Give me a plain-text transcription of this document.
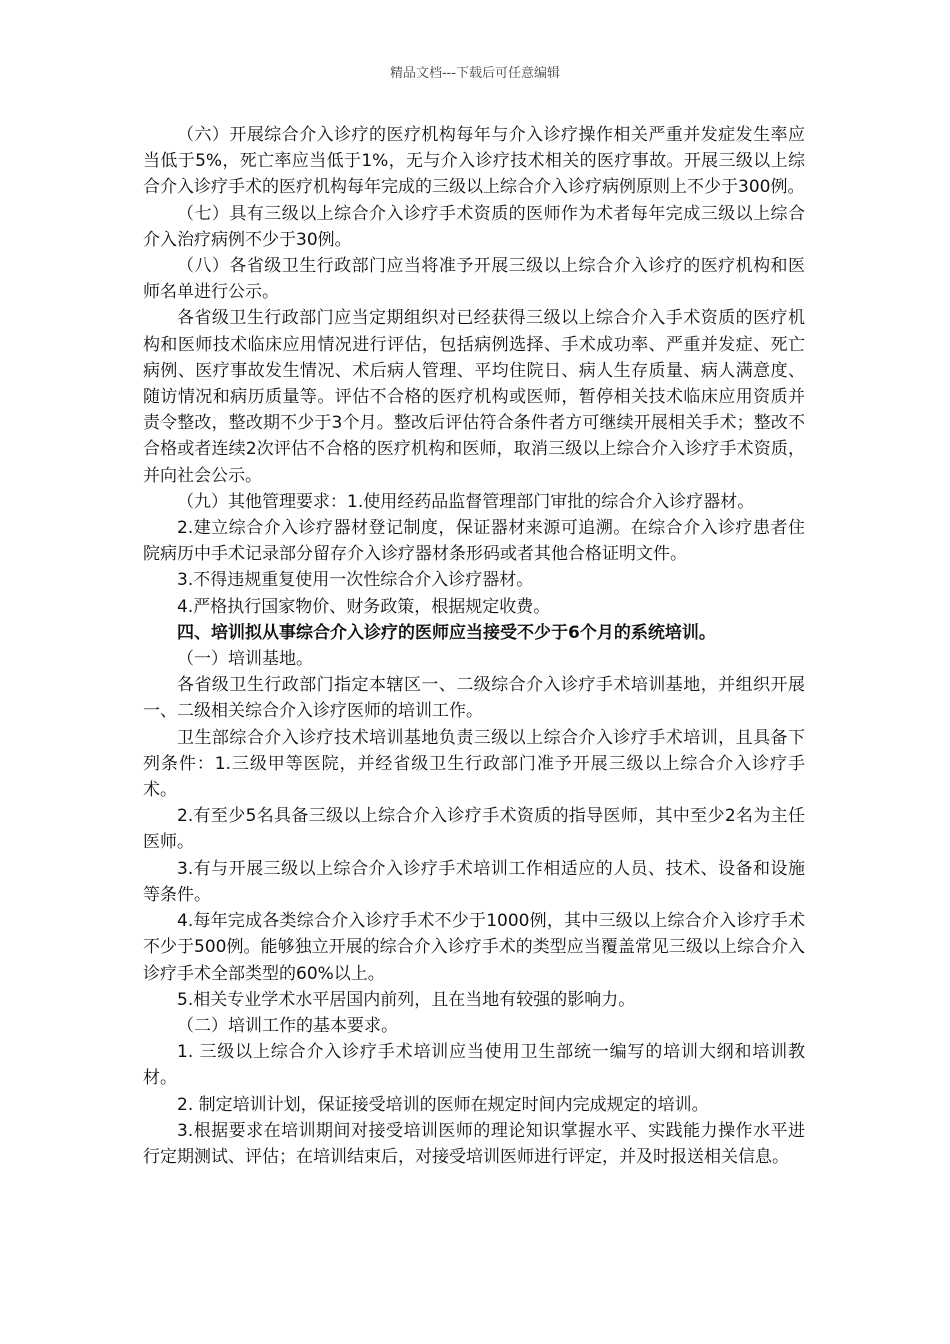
精品文档---下载后可任意编辑

（六）开展综合介入诊疗的医疗机构每年与介入诊疗操作相关严重并发症发生率应当低于5%，死亡率应当低于1%，无与介入诊疗技术相关的医疗事故。开展三级以上综合介入诊疗手术的医疗机构每年完成的三级以上综合介入诊疗病例原则上不少于300例。

（七）具有三级以上综合介入诊疗手术资质的医师作为术者每年完成三级以上综合介入治疗病例不少于30例。

（八）各省级卫生行政部门应当将准予开展三级以上综合介入诊疗的医疗机构和医师名单进行公示。

各省级卫生行政部门应当定期组织对已经获得三级以上综合介入手术资质的医疗机构和医师技术临床应用情况进行评估，包括病例选择、手术成功率、严重并发症、死亡病例、医疗事故发生情况、术后病人管理、平均住院日、病人生存质量、病人满意度、随访情况和病历质量等。评估不合格的医疗机构或医师，暂停相关技术临床应用资质并责令整改，整改期不少于3个月。整改后评估符合条件者方可继续开展相关手术；整改不合格或者连续2次评估不合格的医疗机构和医师，取消三级以上综合介入诊疗手术资质，并向社会公示。

（九）其他管理要求：1.使用经药品监督管理部门审批的综合介入诊疗器材。

2.建立综合介入诊疗器材登记制度，保证器材来源可追溯。在综合介入诊疗患者住院病历中手术记录部分留存介入诊疗器材条形码或者其他合格证明文件。

3.不得违规重复使用一次性综合介入诊疗器材。

4.严格执行国家物价、财务政策，根据规定收费。

四、培训拟从事综合介入诊疗的医师应当接受不少于6个月的系统培训。

（一）培训基地。

各省级卫生行政部门指定本辖区一、二级综合介入诊疗手术培训基地，并组织开展一、二级相关综合介入诊疗医师的培训工作。

卫生部综合介入诊疗技术培训基地负责三级以上综合介入诊疗手术培训，且具备下列条件：1.三级甲等医院，并经省级卫生行政部门准予开展三级以上综合介入诊疗手术。

2.有至少5名具备三级以上综合介入诊疗手术资质的指导医师，其中至少2名为主任医师。

3.有与开展三级以上综合介入诊疗手术培训工作相适应的人员、技术、设备和设施等条件。

4.每年完成各类综合介入诊疗手术不少于1000例，其中三级以上综合介入诊疗手术不少于500例。能够独立开展的综合介入诊疗手术的类型应当覆盖常见三级以上综合介入诊疗手术全部类型的60%以上。

5.相关专业学术水平居国内前列，且在当地有较强的影响力。

（二）培训工作的基本要求。

1. 三级以上综合介入诊疗手术培训应当使用卫生部统一编写的培训大纲和培训教材。

2. 制定培训计划，保证接受培训的医师在规定时间内完成规定的培训。

3.根据要求在培训期间对接受培训医师的理论知识掌握水平、实践能力操作水平进行定期测试、评估；在培训结束后，对接受培训医师进行评定，并及时报送相关信息。
